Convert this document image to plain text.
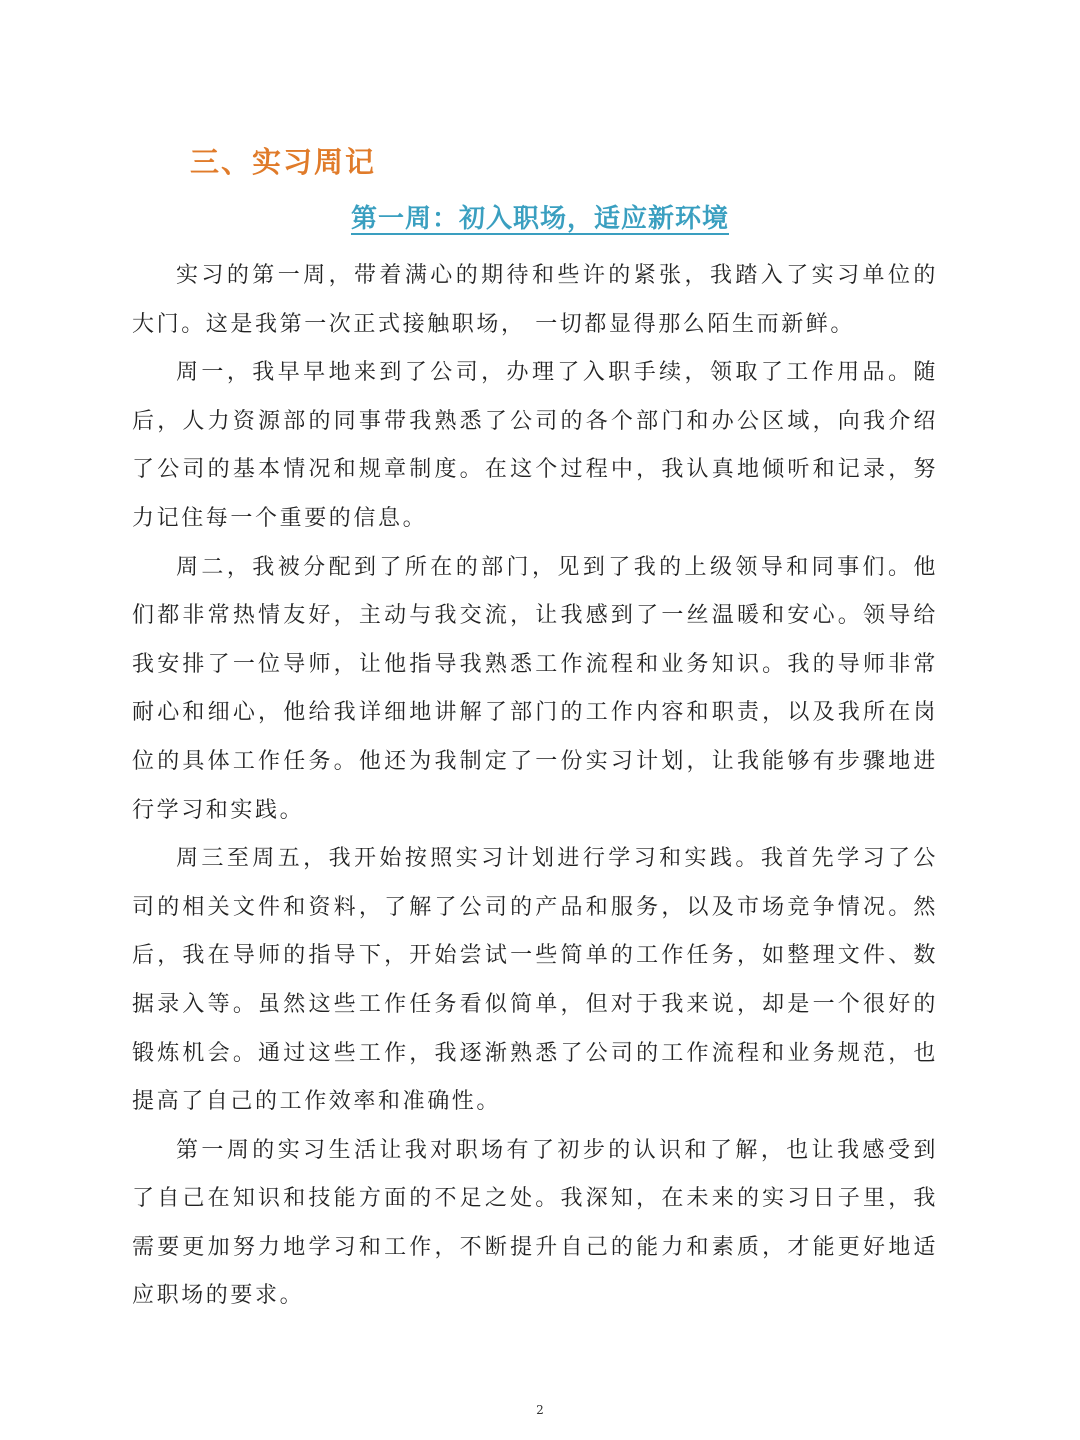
三、实习周记
第一周：初入职场，适应新环境

实习的第一周，带着满心的期待和些许的紧张，我踏入了实习单位的大门。这是我第一次正式接触职场， 一切都显得那么陌生而新鲜。

周一，我早早地来到了公司，办理了入职手续，领取了工作用品。随后，人力资源部的同事带我熟悉了公司的各个部门和办公区域，向我介绍了公司的基本情况和规章制度。在这个过程中，我认真地倾听和记录，努力记住每一个重要的信息。

周二，我被分配到了所在的部门，见到了我的上级领导和同事们。他们都非常热情友好，主动与我交流，让我感到了一丝温暖和安心。领导给我安排了一位导师，让他指导我熟悉工作流程和业务知识。我的导师非常耐心和细心，他给我详细地讲解了部门的工作内容和职责，以及我所在岗位的具体工作任务。他还为我制定了一份实习计划，让我能够有步骤地进行学习和实践。

周三至周五，我开始按照实习计划进行学习和实践。我首先学习了公司的相关文件和资料，了解了公司的产品和服务，以及市场竞争情况。然后，我在导师的指导下，开始尝试一些简单的工作任务，如整理文件、数据录入等。虽然这些工作任务看似简单，但对于我来说，却是一个很好的锻炼机会。通过这些工作，我逐渐熟悉了公司的工作流程和业务规范，也提高了自己的工作效率和准确性。

第一周的实习生活让我对职场有了初步的认识和了解，也让我感受到了自己在知识和技能方面的不足之处。我深知，在未来的实习日子里，我需要更加努力地学习和工作，不断提升自己的能力和素质，才能更好地适应职场的要求。

2
